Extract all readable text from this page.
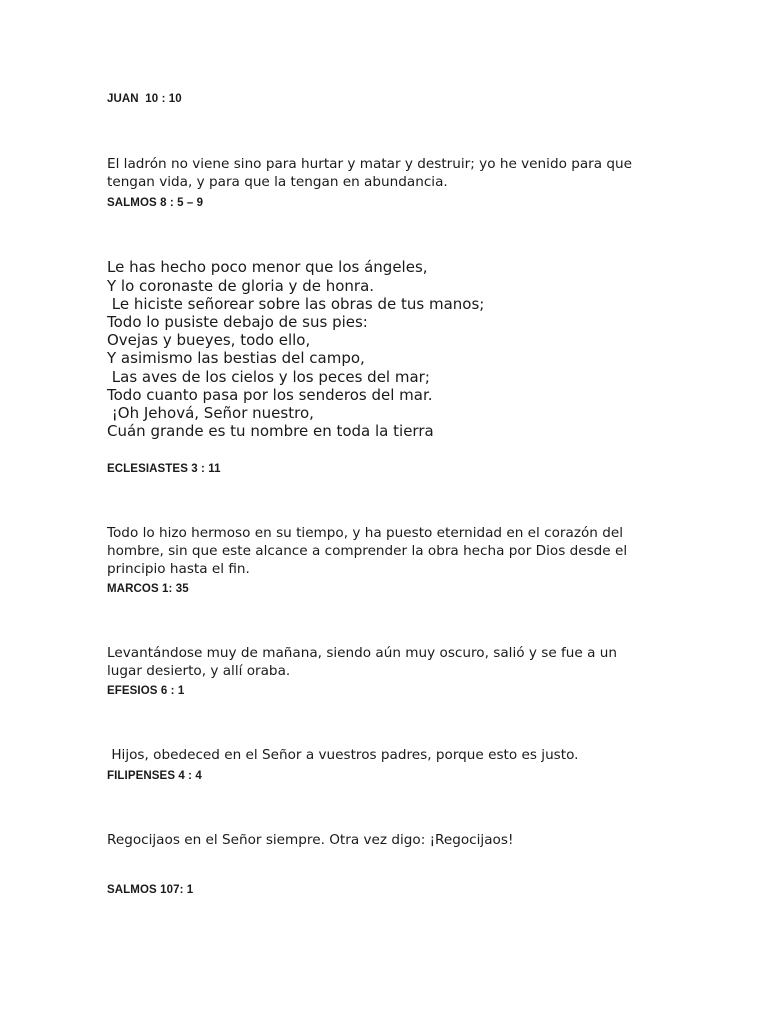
JUAN  10 : 10

El ladrón no viene sino para hurtar y matar y destruir; yo he venido para que
tengan vida, y para que la tengan en abundancia.

SALMOS 8 : 5 – 9

Le has hecho poco menor que los ángeles,
Y lo coronaste de gloria y de honra.
Le hiciste señorear sobre las obras de tus manos;
Todo lo pusiste debajo de sus pies:
Ovejas y bueyes, todo ello,
Y asimismo las bestias del campo,
Las aves de los cielos y los peces del mar;
Todo cuanto pasa por los senderos del mar.
¡Oh Jehová, Señor nuestro,
Cuán grande es tu nombre en toda la tierra

ECLESIASTES 3 : 11

Todo lo hizo hermoso en su tiempo, y ha puesto eternidad en el corazón del
hombre, sin que este alcance a comprender la obra hecha por Dios desde el
principio hasta el fin.

MARCOS 1: 35

Levantándose muy de mañana, siendo aún muy oscuro, salió y se fue a un
lugar desierto, y allí oraba.

EFESIOS 6 : 1

Hijos, obedeced en el Señor a vuestros padres, porque esto es justo.

FILIPENSES 4 : 4

Regocijaos en el Señor siempre. Otra vez digo: ¡Regocijaos!

SALMOS 107: 1
